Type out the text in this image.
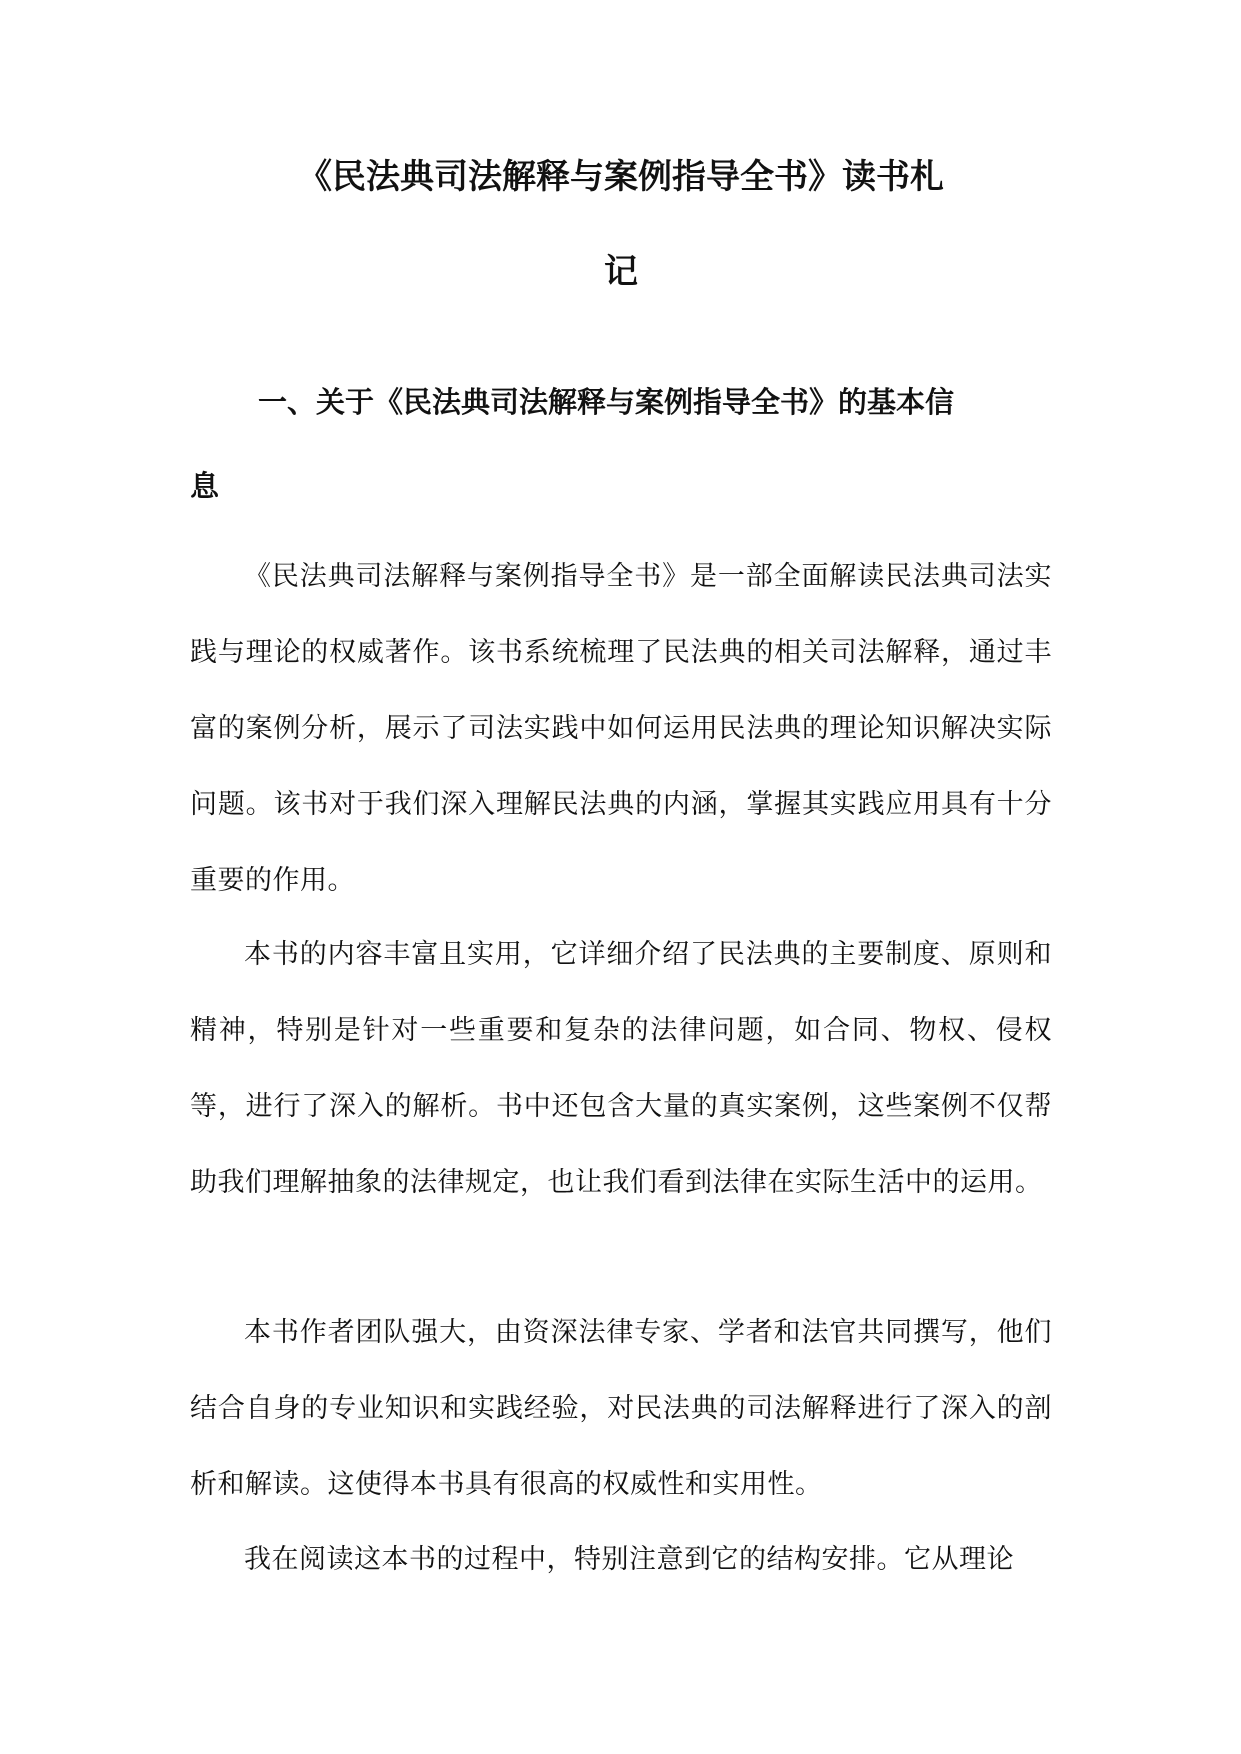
《民法典司法解释与案例指导全书》读书札
记
一、关于《民法典司法解释与案例指导全书》的基本信
息

《民法典司法解释与案例指导全书》是一部全面解读民法典司法实践与理论的权威著作。该书系统梳理了民法典的相关司法解释，通过丰富的案例分析，展示了司法实践中如何运用民法典的理论知识解决实际问题。该书对于我们深入理解民法典的内涵，掌握其实践应用具有十分重要的作用。

本书的内容丰富且实用，它详细介绍了民法典的主要制度、原则和精神，特别是针对一些重要和复杂的法律问题，如合同、物权、侵权等，进行了深入的解析。书中还包含大量的真实案例，这些案例不仅帮助我们理解抽象的法律规定，也让我们看到法律在实际生活中的运用。

本书作者团队强大，由资深法律专家、学者和法官共同撰写，他们结合自身的专业知识和实践经验，对民法典的司法解释进行了深入的剖析和解读。这使得本书具有很高的权威性和实用性。

我在阅读这本书的过程中，特别注意到它的结构安排。它从理论
